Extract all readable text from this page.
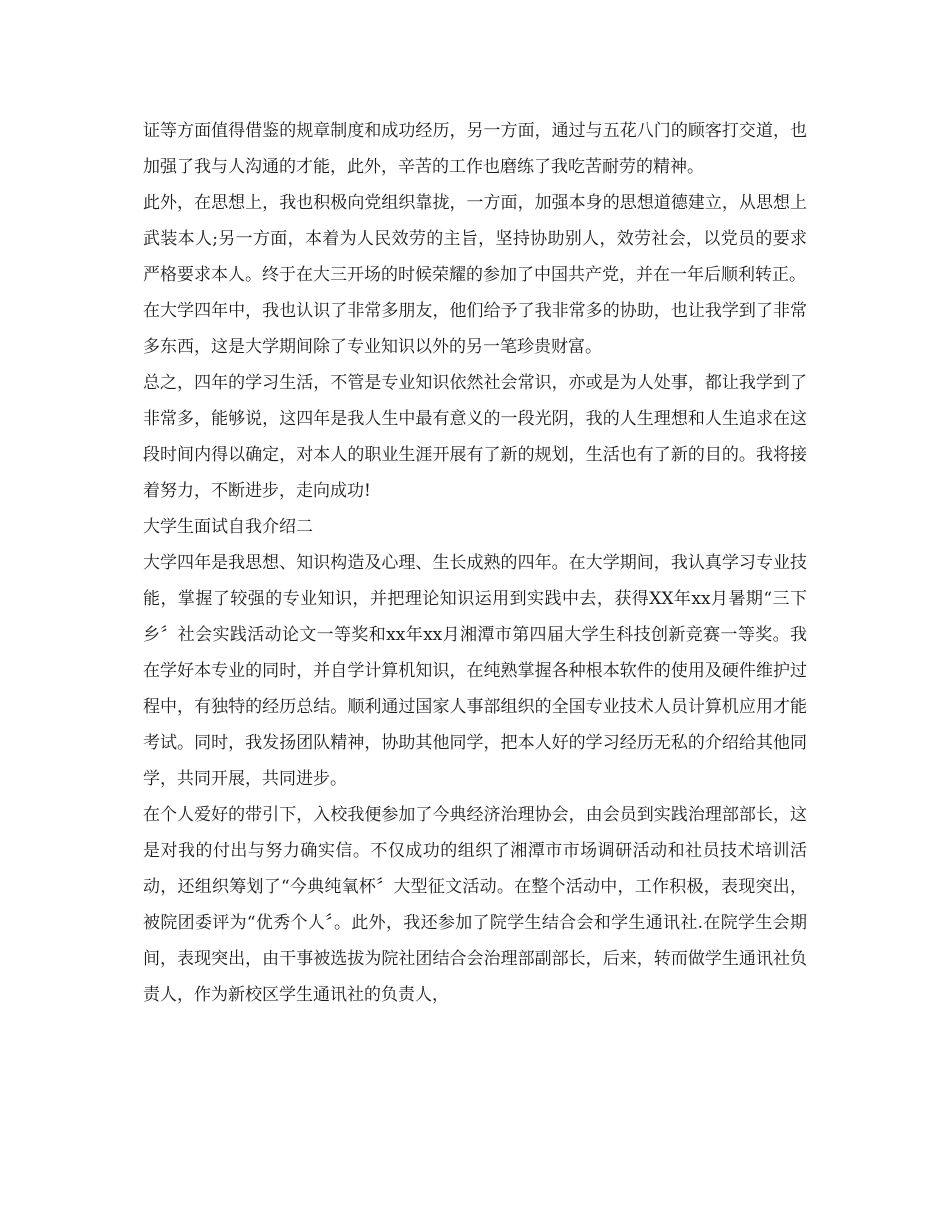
证等方面值得借鉴的规章制度和成功经历，另一方面，通过与五花八门的顾客打交道，也加强了我与人沟通的才能，此外，辛苦的工作也磨练了我吃苦耐劳的精神。

此外，在思想上，我也积极向党组织靠拢，一方面，加强本身的思想道德建立，从思想上武装本人;另一方面，本着为人民效劳的主旨，坚持协助别人，效劳社会，以党员的要求严格要求本人。终于在大三开场的时候荣耀的参加了中国共产党，并在一年后顺利转正。

在大学四年中，我也认识了非常多朋友，他们给予了我非常多的协助，也让我学到了非常多东西，这是大学期间除了专业知识以外的另一笔珍贵财富。

总之，四年的学习生活，不管是专业知识依然社会常识，亦或是为人处事，都让我学到了非常多，能够说，这四年是我人生中最有意义的一段光阴，我的人生理想和人生追求在这段时间内得以确定，对本人的职业生涯开展有了新的规划，生活也有了新的目的。我将接着努力，不断进步，走向成功!

大学生面试自我介绍二

大学四年是我思想、知识构造及心理、生长成熟的四年。在大学期间，我认真学习专业技能，掌握了较强的专业知识，并把理论知识运用到实践中去，获得XX年xx月暑期“三下乡〞社会实践活动论文一等奖和xx年xx月湘潭市第四届大学生科技创新竞赛一等奖。我在学好本专业的同时，并自学计算机知识，在纯熟掌握各种根本软件的使用及硬件维护过程中，有独特的经历总结。顺利通过国家人事部组织的全国专业技术人员计算机应用才能考试。同时，我发扬团队精神，协助其他同学，把本人好的学习经历无私的介绍给其他同学，共同开展，共同进步。

在个人爱好的带引下，入校我便参加了今典经济治理协会，由会员到实践治理部部长，这是对我的付出与努力确实信。不仅成功的组织了湘潭市市场调研活动和社员技术培训活动，还组织筹划了“今典纯氧杯〞大型征文活动。在整个活动中，工作积极，表现突出，被院团委评为“优秀个人〞。此外，我还参加了院学生结合会和学生通讯社.在院学生会期间，表现突出，由干事被选拔为院社团结合会治理部副部长，后来，转而做学生通讯社负责人，作为新校区学生通讯社的负责人，
